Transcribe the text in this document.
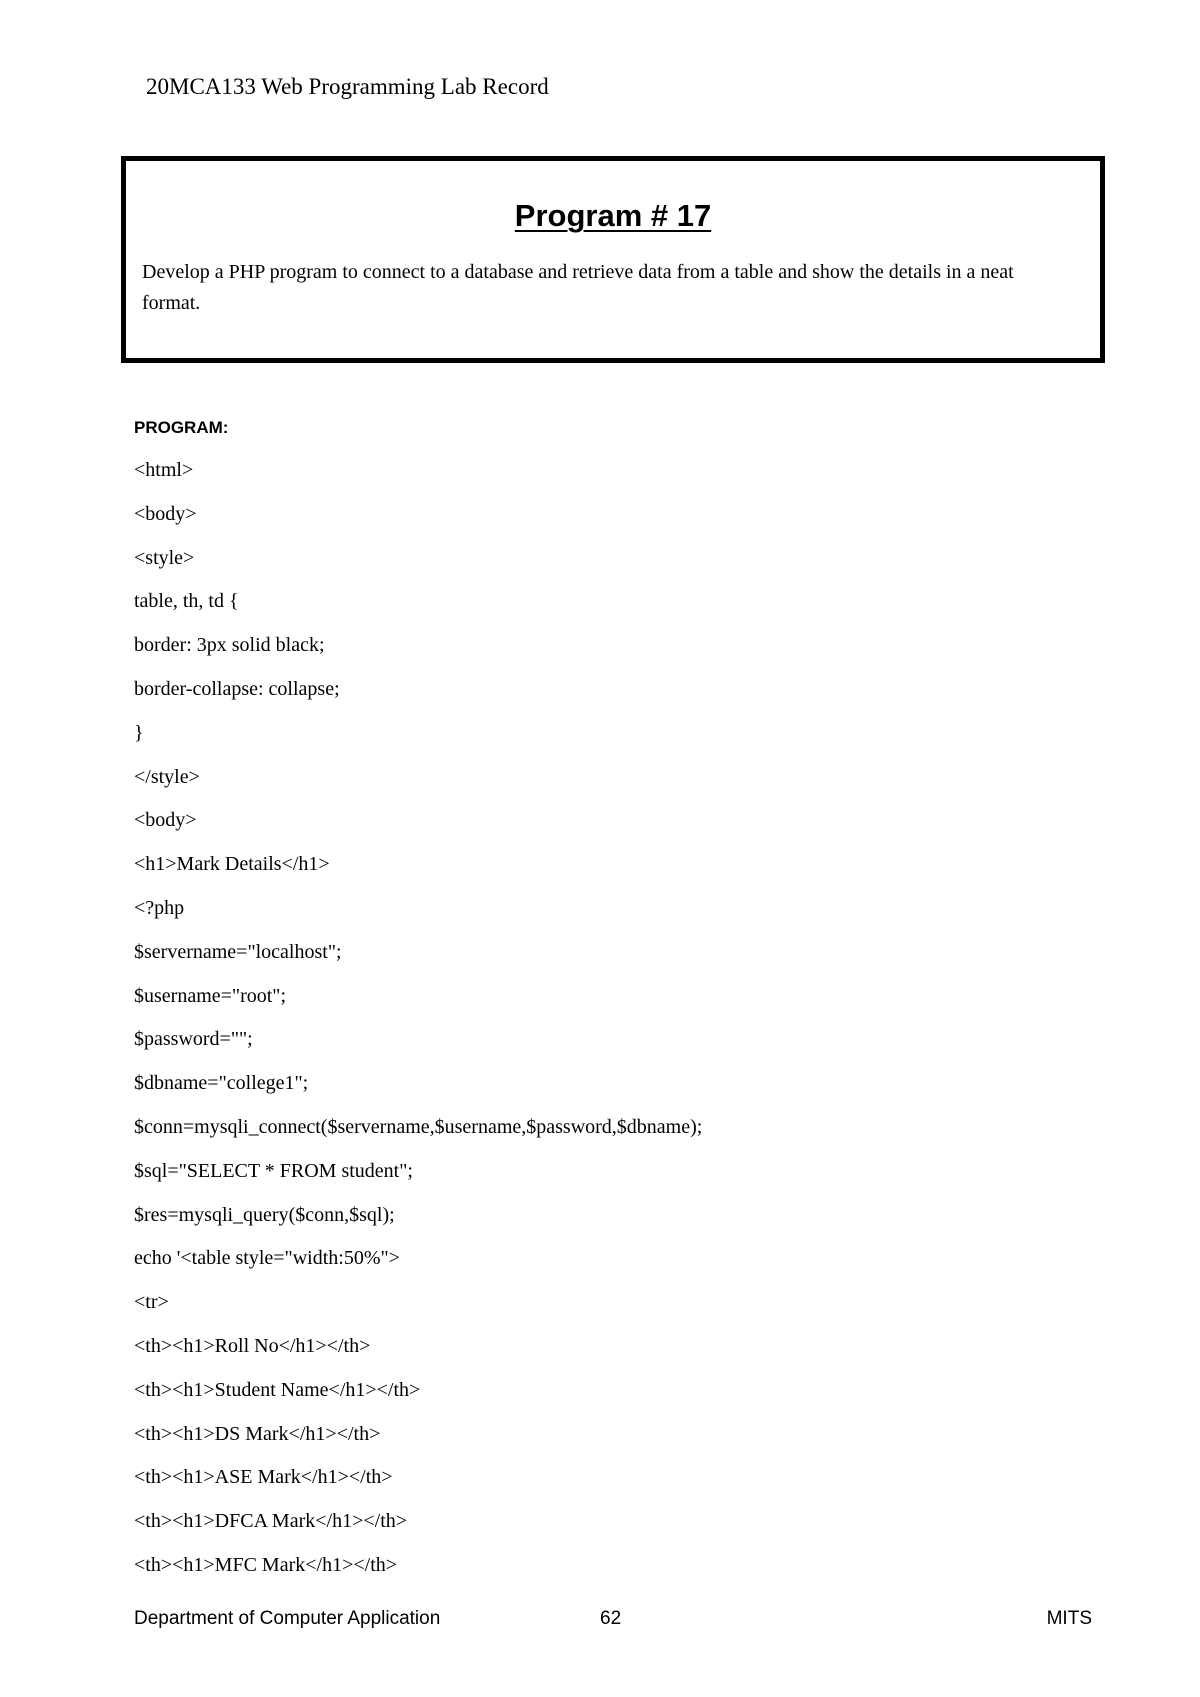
20MCA133 Web Programming Lab Record
Program # 17
Develop a PHP program to connect to a database and retrieve data from a table and show the details in a neat format.
PROGRAM:
<html>
<body>
<style>
table, th, td {
border: 3px solid black;
border-collapse: collapse;
}
</style>
<body>
<h1>Mark Details</h1>
<?php
$servername="localhost";
$username="root";
$password="";
$dbname="college1";
$conn=mysqli_connect($servername,$username,$password,$dbname);
$sql="SELECT * FROM student";
$res=mysqli_query($conn,$sql);
echo '<table style="width:50%">
<tr>
<th><h1>Roll No</h1></th>
<th><h1>Student Name</h1></th>
<th><h1>DS Mark</h1></th>
<th><h1>ASE Mark</h1></th>
<th><h1>DFCA Mark</h1></th>
<th><h1>MFC Mark</h1></th>
Department of Computer Application	62	MITS
